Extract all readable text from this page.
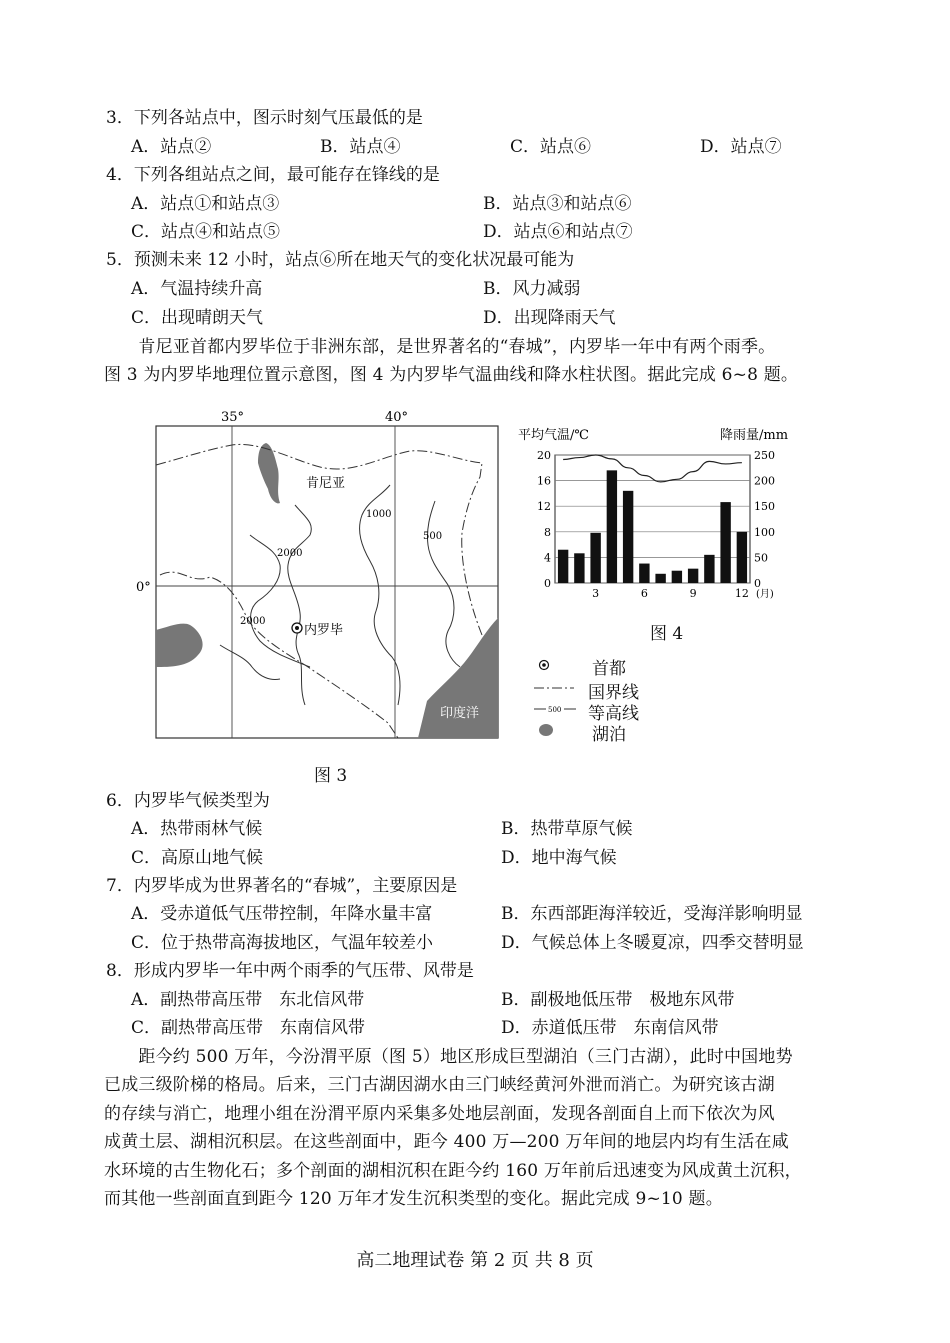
3．下列各站点中，图示时刻气压最低的是
A．站点②	B．站点④	C．站点⑥	D．站点⑦
4．下列各组站点之间，最可能存在锋线的是
A．站点①和站点③	B．站点③和站点⑥
C．站点④和站点⑤	D．站点⑥和站点⑦
5．预测未来 12 小时，站点⑥所在地天气的变化状况最可能为
A．气温持续升高	B．风力减弱
C．出现晴朗天气	D．出现降雨天气
　　肯尼亚首都内罗毕位于非洲东部，是世界著名的“春城”，内罗毕一年中有两个雨季。
图 3 为内罗毕地理位置示意图，图 4 为内罗毕气温曲线和降水柱状图。据此完成 6~8 题。
印度洋
1000
500
2000
2000
肯尼亚
内罗毕
35°	40°
0°
图 3
平均气温/℃	降雨量/mm
20
16
12
8
4
0
250
200
150
100
50
0
3	6	9	12 (月)
图 4
500
首都
国界线
等高线
湖泊
6．内罗毕气候类型为
A．热带雨林气候	B．热带草原气候
C．高原山地气候	D．地中海气候
7．内罗毕成为世界著名的“春城”，主要原因是
A．受赤道低气压带控制，年降水量丰富	B．东西部距海洋较近，受海洋影响明显
C．位于热带高海拔地区，气温年较差小	D．气候总体上冬暖夏凉，四季交替明显
8．形成内罗毕一年中两个雨季的气压带、风带是
A．副热带高压带　东北信风带	B．副极地低压带　极地东风带
C．副热带高压带　东南信风带	D．赤道低压带　东南信风带
　　距今约 500 万年，今汾渭平原（图 5）地区形成巨型湖泊（三门古湖），此时中国地势
已成三级阶梯的格局。后来，三门古湖因湖水由三门峡经黄河外泄而消亡。为研究该古湖
的存续与消亡，地理小组在汾渭平原内采集多处地层剖面，发现各剖面自上而下依次为风
成黄土层、湖相沉积层。在这些剖面中，距今 400 万—200 万年间的地层内均有生活在咸
水环境的古生物化石；多个剖面的湖相沉积在距今约 160 万年前后迅速变为风成黄土沉积，
而其他一些剖面直到距今 120 万年才发生沉积类型的变化。据此完成 9~10 题。
高二地理试卷 第 2 页 共 8 页
